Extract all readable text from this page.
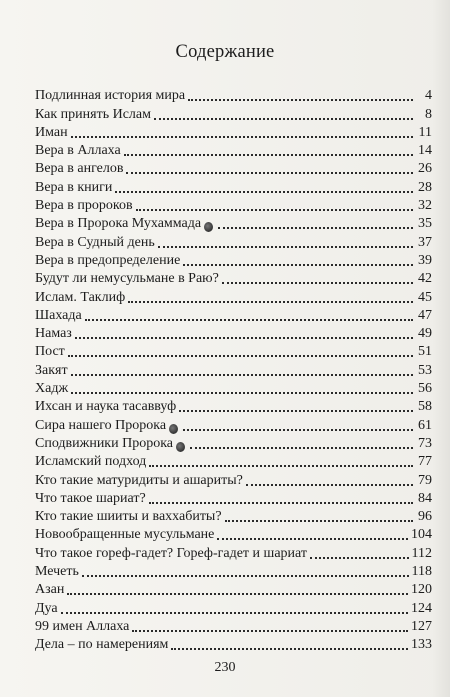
Содержание
Подлинная история мира	4
Как принять Ислам	8
Иман	11
Вера в Аллаха	14
Вера в ангелов	26
Вера в книги	28
Вера в пророков	32
Вера в Пророка Мухаммада	35
Вера в Судный день	37
Вера в предопределение	39
Будут ли немусульмане в Раю?	42
Ислам. Таклиф	45
Шахада	47
Намаз	49
Пост	51
Закят	53
Хадж	56
Ихсан и наука тасаввуф	58
Сира нашего Пророка	61
Сподвижники Пророка	73
Исламский подход	77
Кто такие матуридиты и ашариты?	79
Что такое шариат?	84
Кто такие шииты и ваххабиты?	96
Новообращенные мусульмане	104
Что такое гореф-гадет? Гореф-гадет и шариат	112
Мечеть	118
Азан	120
Дуа	124
99 имен Аллаха	127
Дела – по намерениям	133
230
